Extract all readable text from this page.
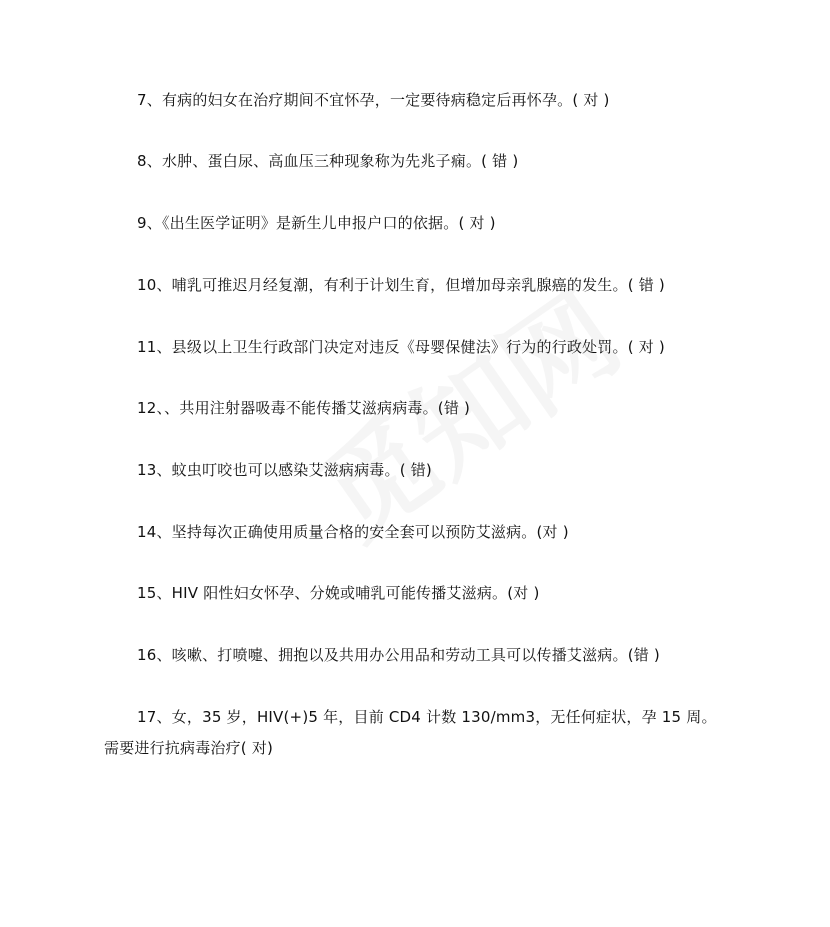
7、有病的妇女在治疗期间不宜怀孕，一定要待病稳定后再怀孕。( 对 )
8、水肿、蛋白尿、高血压三种现象称为先兆子痫。( 错 )
9、《出生医学证明》是新生儿申报户口的依据。( 对 )
10、哺乳可推迟月经复潮，有利于计划生育，但增加母亲乳腺癌的发生。( 错 )
11、县级以上卫生行政部门决定对违反《母婴保健法》行为的行政处罚。( 对 )
12、、共用注射器吸毒不能传播艾滋病病毒。(错 )
13、蚊虫叮咬也可以感染艾滋病病毒。( 错)
14、坚持每次正确使用质量合格的安全套可以预防艾滋病。(对 )
15、HIV 阳性妇女怀孕、分娩或哺乳可能传播艾滋病。(对 )
16、咳嗽、打喷嚏、拥抱以及共用办公用品和劳动工具可以传播艾滋病。(错 )
17、女，35 岁，HIV(+)5 年，目前 CD4 计数 130/mm3，无任何症状，孕 15 周。
需要进行抗病毒治疗( 对)
